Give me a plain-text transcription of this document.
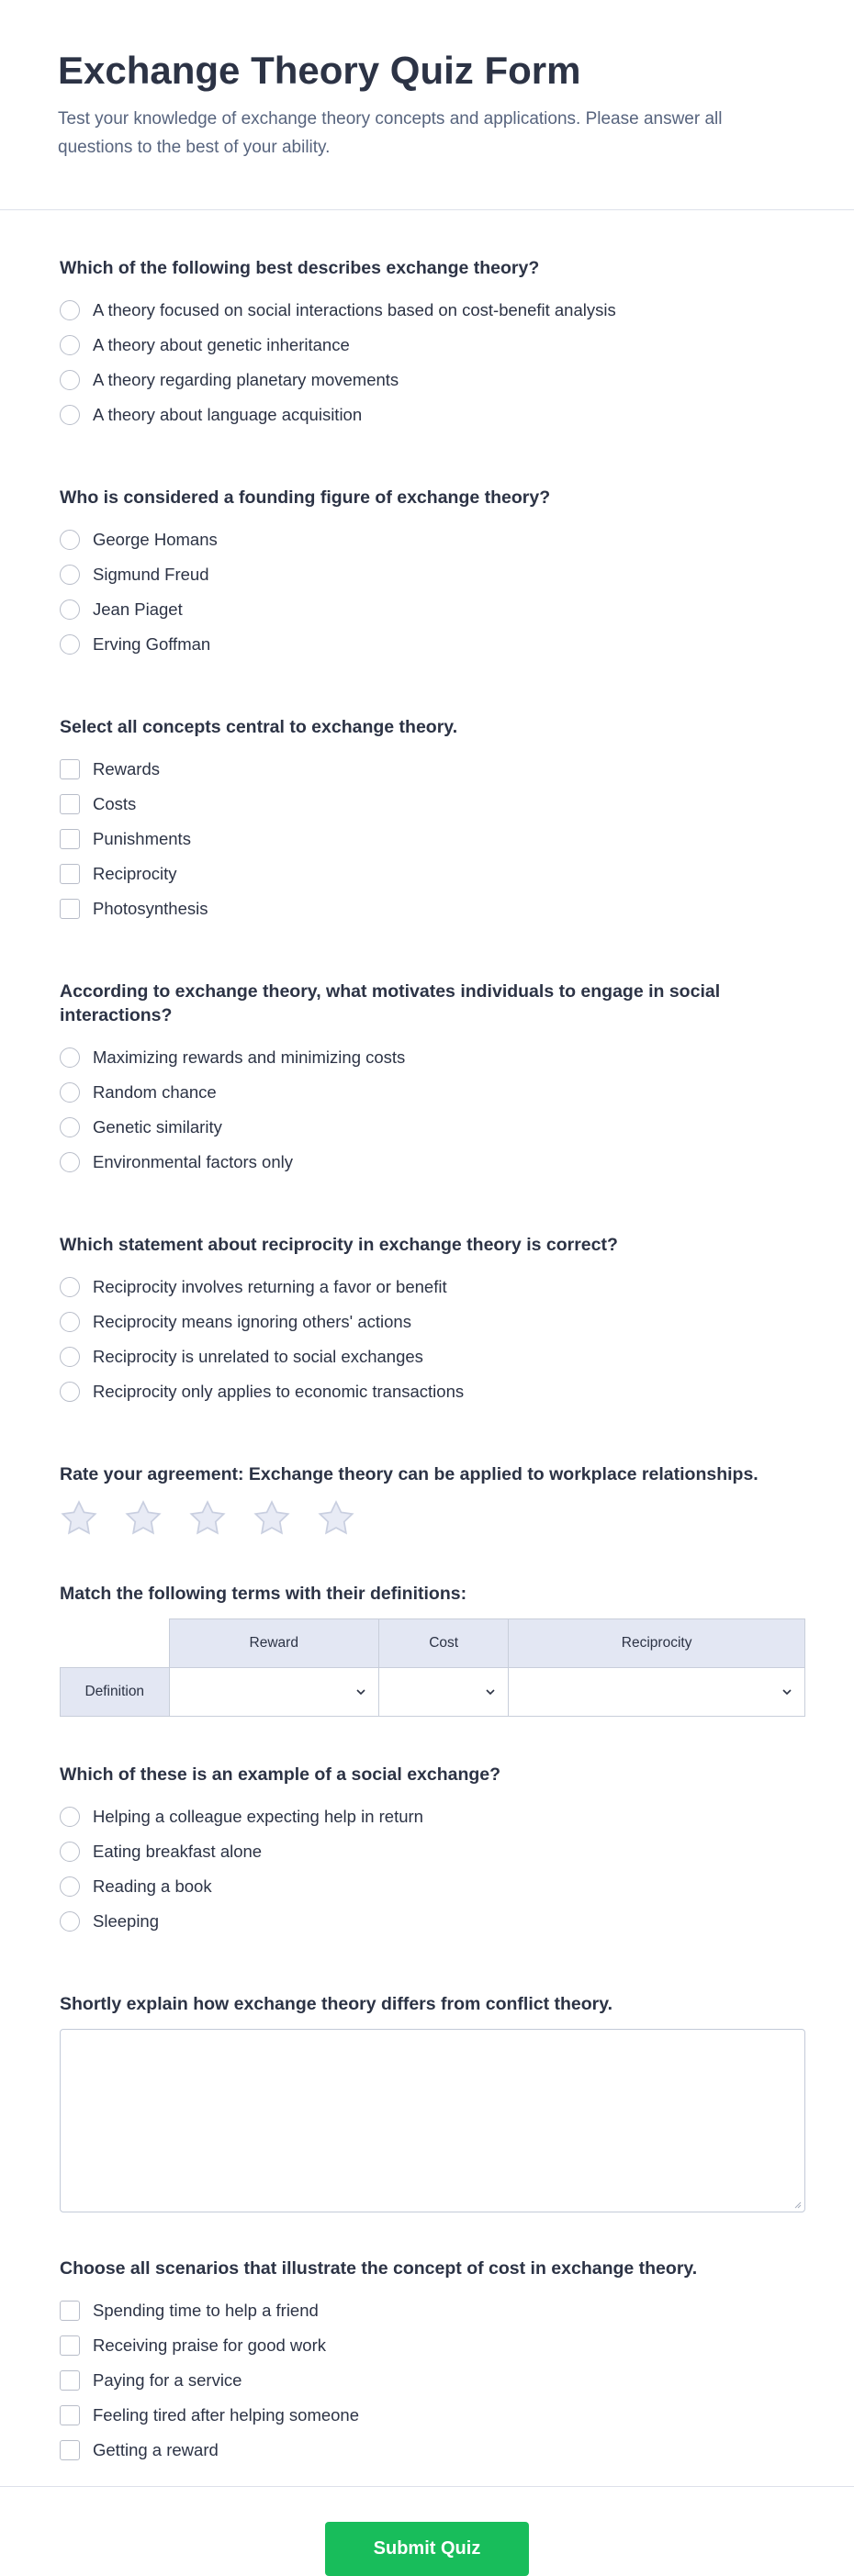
Exchange Theory Quiz Form

Test your knowledge of exchange theory concepts and applications. Please answer all questions to the best of your ability.

Which of the following best describes exchange theory?
A theory focused on social interactions based on cost-benefit analysis
A theory about genetic inheritance
A theory regarding planetary movements
A theory about language acquisition
Who is considered a founding figure of exchange theory?
George Homans
Sigmund Freud
Jean Piaget
Erving Goffman
Select all concepts central to exchange theory.
Rewards
Costs
Punishments
Reciprocity
Photosynthesis
According to exchange theory, what motivates individuals to engage in social interactions?
Maximizing rewards and minimizing costs
Random chance
Genetic similarity
Environmental factors only
Which statement about reciprocity in exchange theory is correct?
Reciprocity involves returning a favor or benefit
Reciprocity means ignoring others' actions
Reciprocity is unrelated to social exchanges
Reciprocity only applies to economic transactions
Rate your agreement: Exchange theory can be applied to workplace relationships.
Match the following terms with their definitions:
	Reward	Cost	Reciprocity
Definition	

Which of these is an example of a social exchange?
Helping a colleague expecting help in return
Eating breakfast alone
Reading a book
Sleeping
Shortly explain how exchange theory differs from conflict theory.
Choose all scenarios that illustrate the concept of cost in exchange theory.
Spending time to help a friend
Receiving praise for good work
Paying for a service
Feeling tired after helping someone
Getting a reward
Submit Quiz
